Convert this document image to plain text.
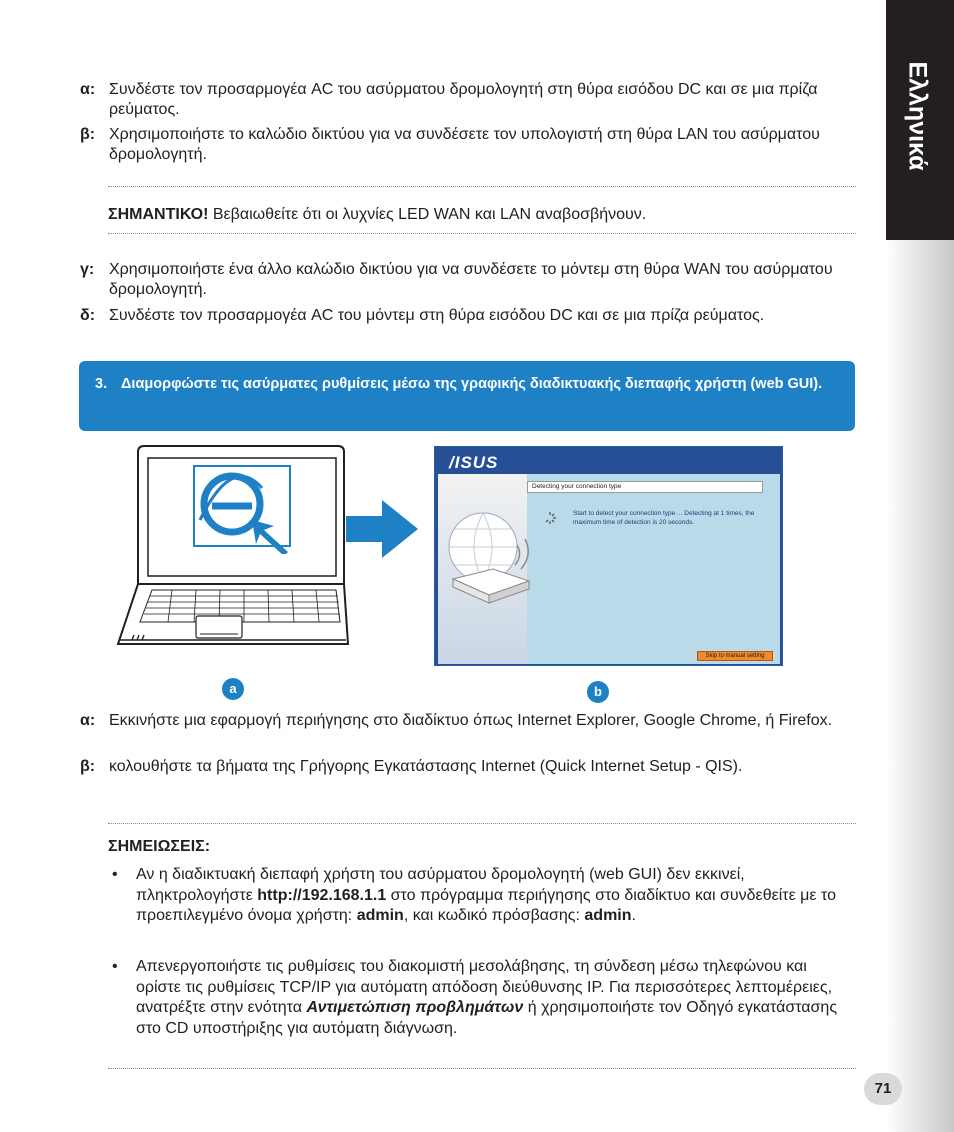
Ελληνικά
α: Συνδέστε τον προσαρμογέα AC του ασύρματου δρομολογητή στη θύρα εισόδου DC και σε μια πρίζα ρεύματος.
β: Χρησιμοποιήστε το καλώδιο δικτύου για να συνδέσετε τον υπολογιστή στη θύρα LAN του ασύρματου δρομολογητή.
ΣΗΜΑΝΤΙΚΟ! Βεβαιωθείτε ότι οι λυχνίες LED WAN και LAN αναβοσβήνουν.
γ: Χρησιμοποιήστε ένα άλλο καλώδιο δικτύου για να συνδέσετε το μόντεμ στη θύρα WAN του ασύρματου δρομολογητή.
δ: Συνδέστε τον προσαρμογέα AC του μόντεμ στη θύρα εισόδου DC και σε μια πρίζα ρεύματος.
3. Διαμορφώστε τις ασύρματες ρυθμίσεις μέσω της γραφικής διαδικτυακής διεπαφής χρήστη (web GUI).
/ISUS
Detecting your connection type
Start to detect your connection type ... Detecting at 1 times, the maximum time of detection is 20 seconds.
Skip to manual setting
a	b
α: Εκκινήστε μια εφαρμογή περιήγησης στο διαδίκτυο όπως Internet Explorer, Google Chrome, ή Firefox.
β: κολουθήστε τα βήματα της Γρήγορης Εγκατάστασης Internet (Quick Internet Setup - QIS).
ΣΗΜΕΙΩΣΕΙΣ:
• Αν η διαδικτυακή διεπαφή χρήστη του ασύρματου δρομολογητή (web GUI) δεν εκκινεί, πληκτρολογήστε http://192.168.1.1 στο πρόγραμμα περιήγησης στο διαδίκτυο και συνδεθείτε με το προεπιλεγμένο όνομα χρήστη: admin, και κωδικό πρόσβασης: admin.
• Απενεργοποιήστε τις ρυθμίσεις του διακομιστή μεσολάβησης, τη σύνδεση μέσω τηλεφώνου και ορίστε τις ρυθμίσεις TCP/IP για αυτόματη απόδοση διεύθυνσης IP. Για περισσότερες λεπτομέρειες, ανατρέξτε στην ενότητα Αντιμετώπιση προβλημάτων ή χρησιμοποιήστε τον Οδηγό εγκατάστασης στο CD υποστήριξης για αυτόματη διάγνωση.
71
